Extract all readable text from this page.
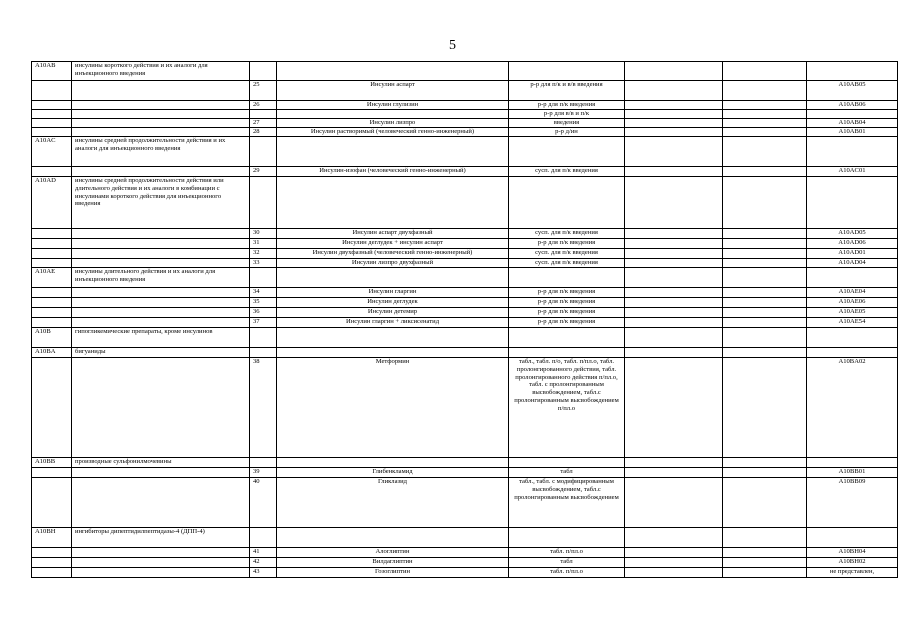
5
A10AB	инсулины короткого действия и их аналоги для инъекционного введения						
		25	Инсулин аспарт	р-р для п/к и в/в введения			A10AB05
		26	Инсулин глулизин	р-р для п/к введения			A10AB06
				р-р для в/в и п/к			
		27	Инсулин лизпро	введения			A10AB04
		28	Инсулин растворимый (человеческий генно-инженерный)	р-р д/ин			A10AB01
A10AC	инсулины средней продолжительности действия и их аналоги для инъекционного введения						
		29	Инсулин-изофан (человеческий генно-инженерный)	сусп. для п/к введения			A10AC01
A10AD	инсулины средней продолжительности действия или длительного действия и их аналоги в комбинации с инсулинами короткого действия для инъекционного введения						
		30	Инсулин аспарт двухфазный	сусп. для п/к введения			A10AD05
		31	Инсулин деглудек + инсулин аспарт	р-р для п/к введения			A10AD06
		32	Инсулин двухфазный (человеческий генно-инженерный)	сусп. для п/к введения			A10AD01
		33	Инсулин лизпро двухфазный	сусп. для п/к введения			A10AD04
A10AE	инсулины длительного действия и их аналоги для инъекционного введения						
		34	Инсулин гларгин	р-р для п/к введения			A10AE04
		35	Инсулин деглудек	р-р для п/к введения			A10AE06
		36	Инсулин детемир	р-р для п/к введения			A10AE05
		37	Инсулин гларгин + ликсисенатид	р-р для п/к введения			A10AE54
A10B	гипогликемические препараты, кроме инсулинов						
A10BA	бигуаниды						
		38	Метформин	табл., табл. п/о, табл. п/пл.о, табл. пролонгированного действия, табл. пролонгированного действия п/пл.о, табл. с пролонгированным высвобождением, табл.с пролонгированным высвобождением п/пл.о			A10BA02
A10BB	производные сульфонилмочевины						
		39	Глибенкламид	табл			A10BB01
		40	Гликлазид	табл., табл. с модифицированным высвобождением, табл.с пролонгированным высвобождением			A10BB09
A10BH	ингибиторы дипептидилпептидазы-4 (ДПП-4)						
		41	Алоглиптин	табл. п/пл.о			A10BH04
		42	Вилдаглиптин	табл			A10BH02
		43	Гозоглиптин	табл. п/пл.о			не представлен,
